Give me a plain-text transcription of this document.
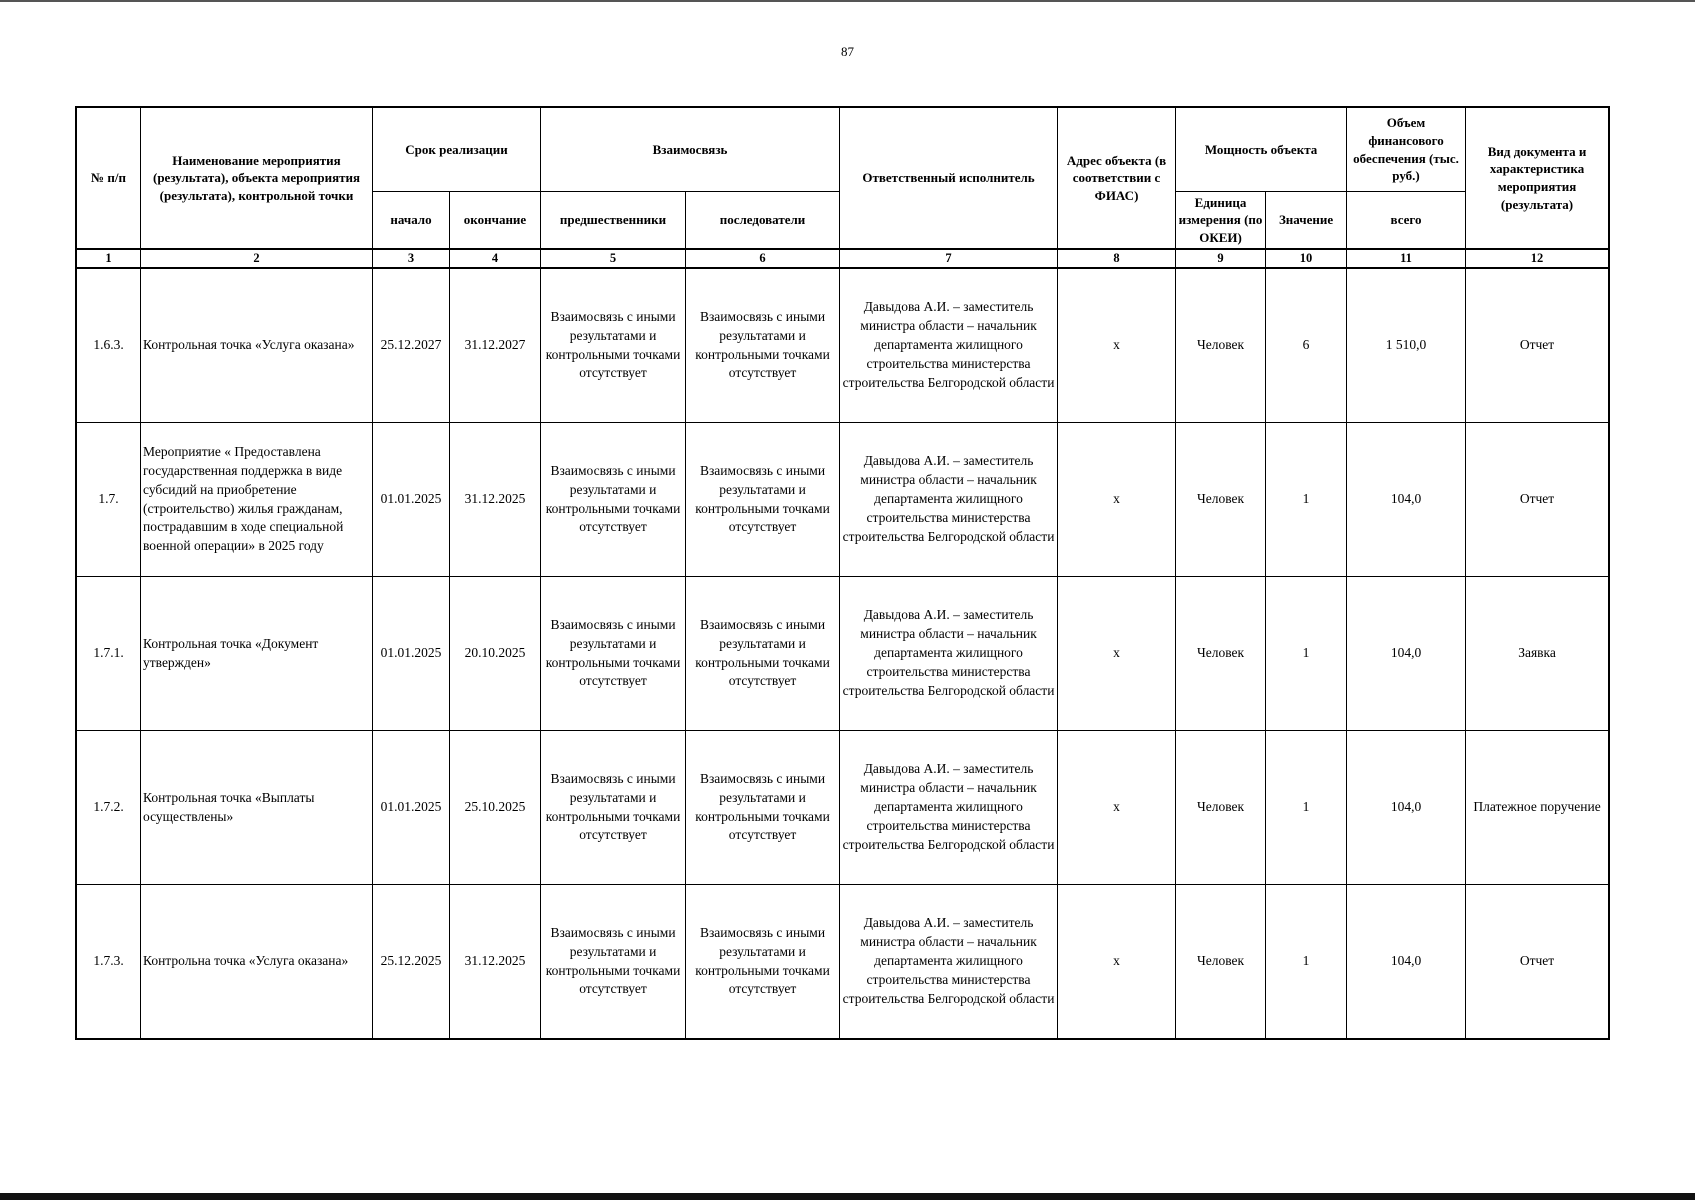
87
№ п/п	Наименование мероприятия (результата), объекта мероприятия (результата), контрольной точки	Срок реализации		Взаимосвязь		Ответственный исполнитель	Адрес объекта (в соответствии с ФИАС)	Мощность объекта		Объем финансового обеспечения (тыс. руб.)	Вид документа и характеристика мероприятия (результата)
		начало	окончание	предшественники	последователи			Единица измерения (по ОКЕИ)	Значение	всего	
1	2	3	4	5	6	7	8	9	10	11	12
1.6.3.	Контрольная точка «Услуга оказана»	25.12.2027	31.12.2027	Взаимосвязь с иными результатами и контрольными точками отсутствует	Взаимосвязь с иными результатами и контрольными точками отсутствует	Давыдова А.И. – заместитель министра области – начальник департамента жилищного строительства министерства строительства Белгородской области	х	Человек	6	1 510,0	Отчет
1.7.	Мероприятие « Предоставлена государственная поддержка в виде субсидий на приобретение (строительство) жилья гражданам, пострадавшим в ходе специальной военной операции» в 2025 году	01.01.2025	31.12.2025	Взаимосвязь с иными результатами и контрольными точками отсутствует	Взаимосвязь с иными результатами и контрольными точками отсутствует	Давыдова А.И. – заместитель министра области – начальник департамента жилищного строительства министерства строительства Белгородской области	х	Человек	1	104,0	Отчет
1.7.1.	Контрольная точка «Документ утвержден»	01.01.2025	20.10.2025	Взаимосвязь с иными результатами и контрольными точками отсутствует	Взаимосвязь с иными результатами и контрольными точками отсутствует	Давыдова А.И. – заместитель министра области – начальник департамента жилищного строительства министерства строительства Белгородской области	х	Человек	1	104,0	Заявка
1.7.2.	Контрольная точка «Выплаты осуществлены»	01.01.2025	25.10.2025	Взаимосвязь с иными результатами и контрольными точками отсутствует	Взаимосвязь с иными результатами и контрольными точками отсутствует	Давыдова А.И. – заместитель министра области – начальник департамента жилищного строительства министерства строительства Белгородской области	х	Человек	1	104,0	Платежное поручение
1.7.3.	Контрольна точка «Услуга оказана»	25.12.2025	31.12.2025	Взаимосвязь с иными результатами и контрольными точками отсутствует	Взаимосвязь с иными результатами и контрольными точками отсутствует	Давыдова А.И. – заместитель министра области – начальник департамента жилищного строительства министерства строительства Белгородской области	х	Человек	1	104,0	Отчет
